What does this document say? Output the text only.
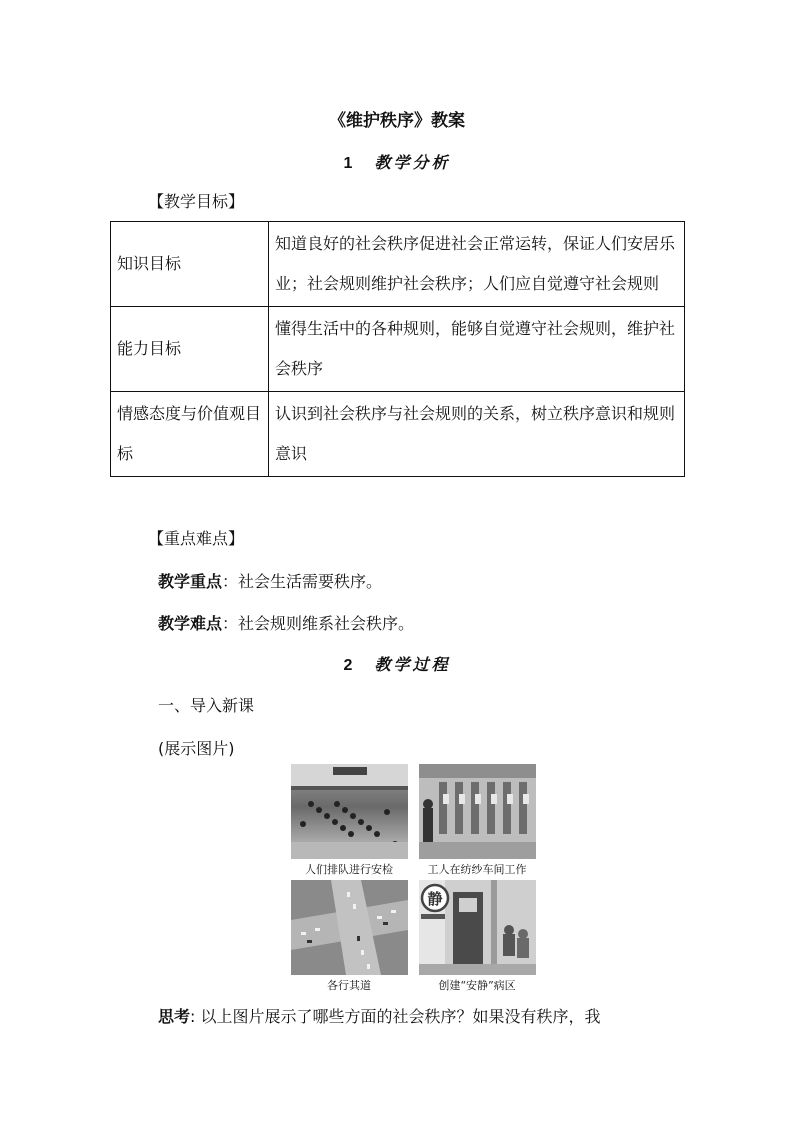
《维护秩序》教案
1 教学分析
【教学目标】
知识目标	知道良好的社会秩序促进社会正常运转，保证人们安居乐业；社会规则维护社会秩序；人们应自觉遵守社会规则
能力目标	懂得生活中的各种规则，能够自觉遵守社会规则，维护社会秩序
情感态度与价值观目标	认识到社会秩序与社会规则的关系，树立秩序意识和规则意识
【重点难点】
教学重点：社会生活需要秩序。
教学难点：社会规则维系社会秩序。
2 教学过程
一、导入新课
(展示图片)
人们排队进行安检	工人在纺纱车间工作
各行其道
静
创建“安静”病区
思考: 以上图片展示了哪些方面的社会秩序？如果没有秩序，我
